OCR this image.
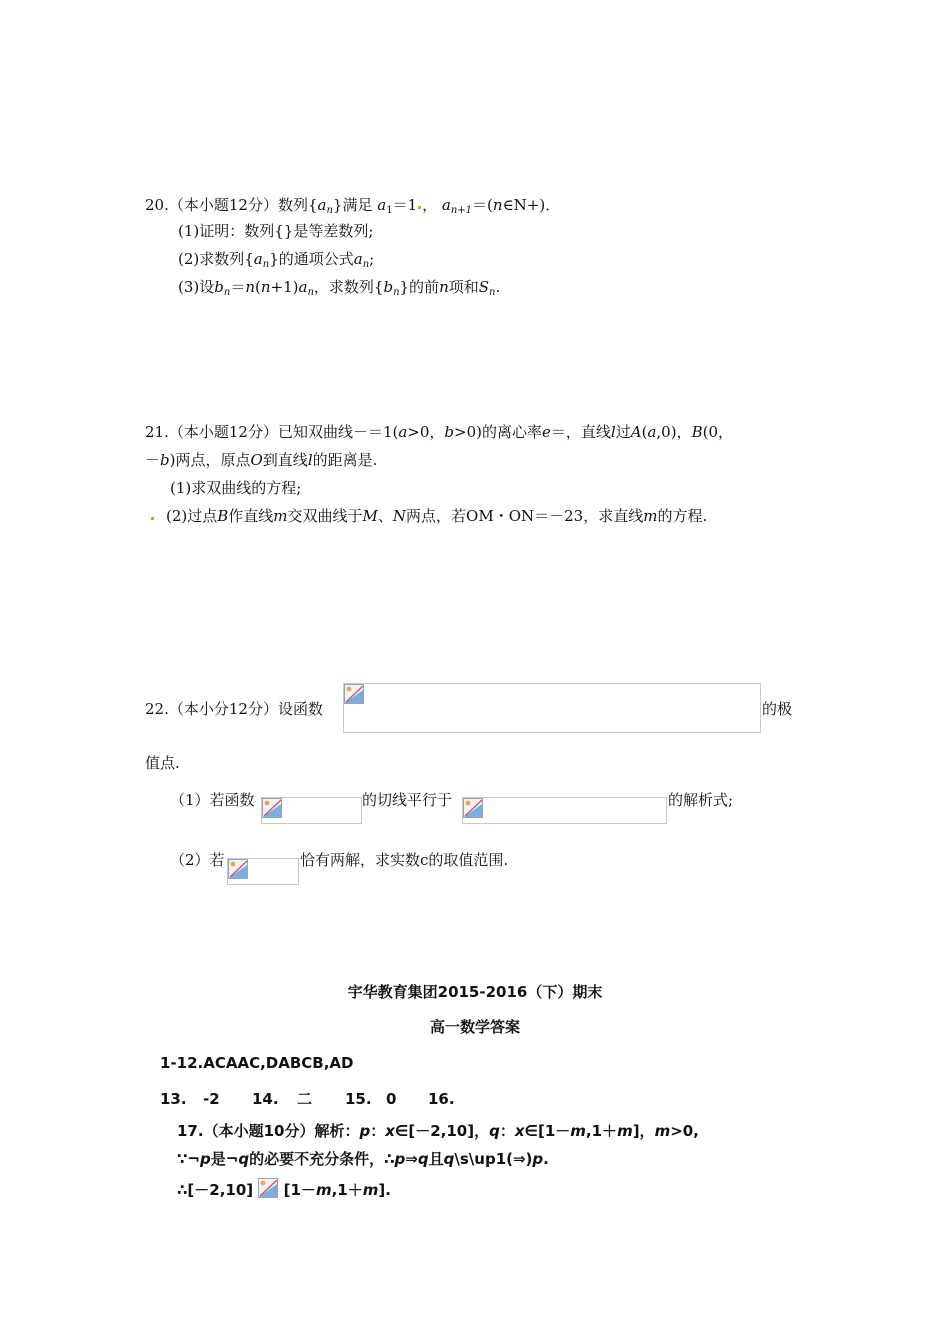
20.（本小题12分）数列$\{a_n\}$满足 $a_1=1$ ， $a_{n+1}=(n\in N+)$．
(1)证明：数列{}是等差数列;
(2)求数列$\{a_n\}$的通项公式$a_n$;
(3)设$b_n=n(n+1)a_n$，求数列$\{b_n\}$的前n项和$S_n$.
21.（本小题12分）已知双曲线－＝1(a>0，b>0)的离心率e＝，直线l过A(a,0)，B(0，
－b)两点，原点O到直线l的距离是.
(1)求双曲线的方程;
(2)过点B作直线m交双曲线于M、N两点，若OM・ON＝－23，求直线m的方程.
22.（本小分12分）设函数	的极
值点.
（1）若函数	的切线平行于	的解析式;
（2）若	恰有两解，求实数c的取值范围.
宇华教育集团2015-2016（下）期末
高一数学答案
1-12.ACAAC,DABCB,AD
13. -2 14. 二 15. 0 16.
17.（本小题10分）解析：p：x∈[－2,10]，q：x∈[1－m,1＋m]，m>0,
∵¬p是¬q的必要不充分条件，∴p⇒q且q\s\up1(⇒)p.
∴[－2,10] [1－m,1＋m].
